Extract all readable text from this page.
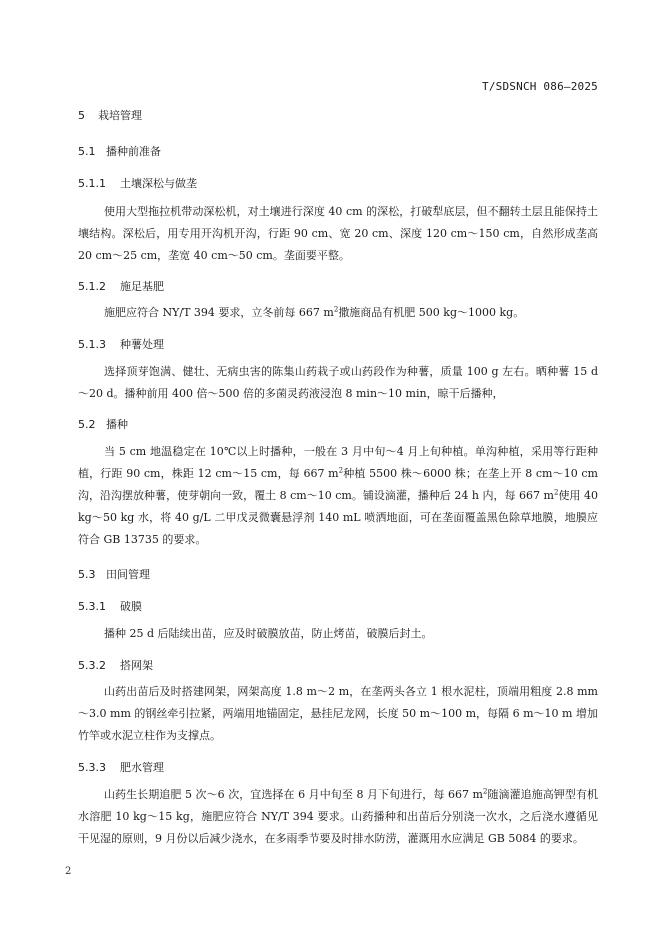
T/SDSNCH 086—2025
5 栽培管理
5.1 播种前准备
5.1.1 土壤深松与做垄
使用大型拖拉机带动深松机，对土壤进行深度 40 cm 的深松，打破犁底层，但不翻转土层且能保持土壤结构。深松后，用专用开沟机开沟，行距 90 cm、宽 20 cm、深度 120 cm～150 cm，自然形成垄高 20 cm～25 cm，垄宽 40 cm～50 cm。垄面要平整。
5.1.2 施足基肥
施肥应符合 NY/T 394 要求，立冬前每 667 $m^2$撒施商品有机肥 500 kg～1000 kg。
5.1.3 种薯处理
选择顶芽饱满、健壮、无病虫害的陈集山药栽子或山药段作为种薯，质量 100 g 左右。晒种薯 15 d～20 d。播种前用 400 倍～500 倍的多菌灵药液浸泡 8 min～10 min，晾干后播种，
5.2 播种
当 5 cm 地温稳定在 10℃以上时播种，一般在 3 月中旬～4 月上旬种植。单沟种植，采用等行距种植，行距 90 cm，株距 12 cm～15 cm，每 667 $m^2$种植 5500 株～6000 株；在垄上开 8 cm～10 cm 沟，沿沟摆放种薯，使芽朝向一致，覆土 8 cm～10 cm。铺设滴灌，播种后 24 h 内，每 667 $m^2$使用 40 kg～50 kg 水，将 40 g/L 二甲戊灵微囊悬浮剂 140 mL 喷洒地面，可在垄面覆盖黑色除草地膜，地膜应符合 GB 13735 的要求。
5.3 田间管理
5.3.1 破膜
播种 25 d 后陆续出苗，应及时破膜放苗，防止烤苗，破膜后封土。
5.3.2 搭网架
山药出苗后及时搭建网架，网架高度 1.8 m～2 m，在垄两头各立 1 根水泥柱，顶端用粗度 2.8 mm～3.0 mm 的钢丝牵引拉紧，两端用地锚固定，悬挂尼龙网，长度 50 m～100 m，每隔 6 m～10 m 增加竹竿或水泥立柱作为支撑点。
5.3.3 肥水管理
山药生长期追肥 5 次～6 次，宜选择在 6 月中旬至 8 月下旬进行，每 667 $m^2$随滴灌追施高钾型有机水溶肥 10 kg～15 kg，施肥应符合 NY/T 394 要求。山药播种和出苗后分别浇一次水，之后浇水遵循见干见湿的原则，9 月份以后减少浇水，在多雨季节要及时排水防涝，灌溉用水应满足 GB 5084 的要求。
2
